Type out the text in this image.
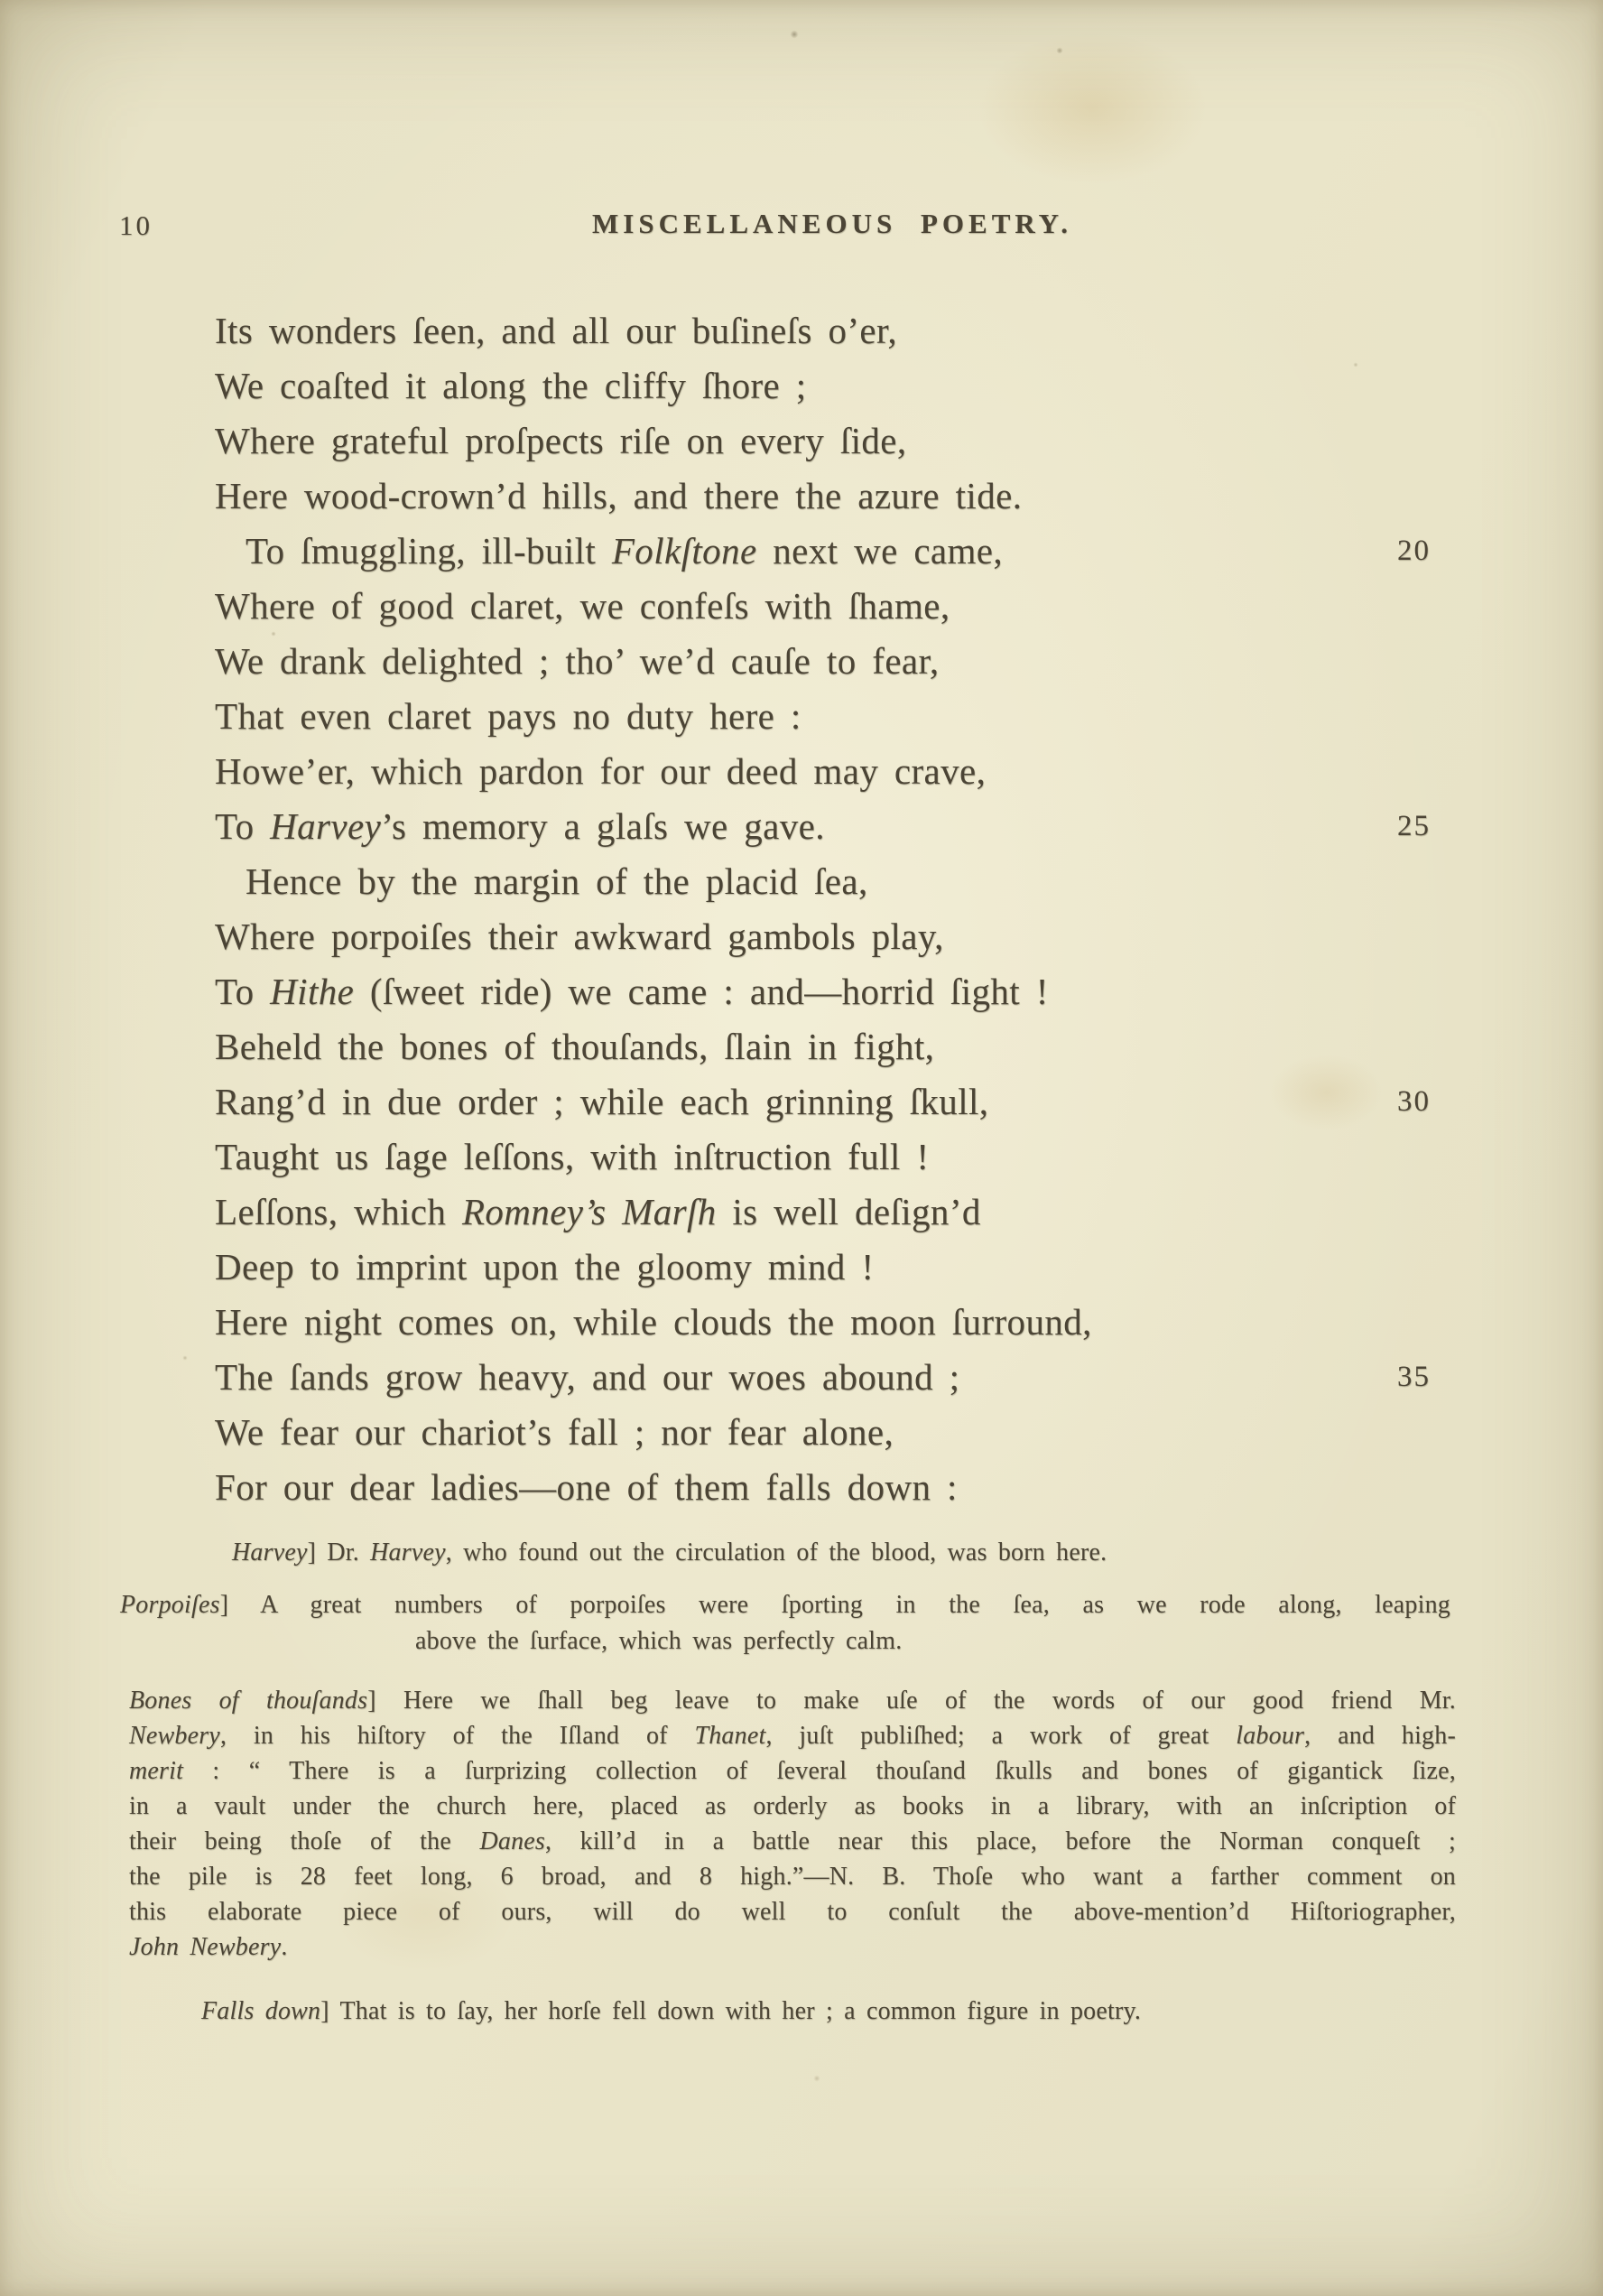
10	MISCELLANEOUS POETRY.
Its wonders ſeen, and all our buſineſs o’er,
We coaſted it along the cliffy ſhore ;
Where grateful proſpects riſe on every ſide,
Here wood-crown’d hills, and there the azure tide.
To ſmuggling, ill-built Folkſtone next we came,
Where of good claret, we confeſs with ſhame,
We drank delighted ; tho’ we’d cauſe to fear,
That even claret pays no duty here :
Howe’er, which pardon for our deed may crave,
To Harvey’s memory a glaſs we gave.
Hence by the margin of the placid ſea,
Where porpoiſes their awkward gambols play,
To Hithe (ſweet ride) we came : and—horrid ſight !
Beheld the bones of thouſands, ſlain in fight,
Rang’d in due order ; while each grinning ſkull,
Taught us ſage leſſons, with inſtruction full !
Leſſons, which Romney’s Marſh is well deſign’d
Deep to imprint upon the gloomy mind !
Here night comes on, while clouds the moon ſurround,
The ſands grow heavy, and our woes abound ;
We fear our chariot’s fall ; nor fear alone,
For our dear ladies—one of them falls down :
20
25
30
35
Harvey] Dr. Harvey, who found out the circulation of the blood, was born here.
Porpoiſes] A great numbers of porpoiſes were ſporting in the ſea, as we rode along, leaping
above the ſurface, which was perfectly calm.
Bones of thouſands] Here we ſhall beg leave to make uſe of the words of our good friend Mr.
Newbery, in his hiſtory of the Iſland of Thanet, juſt publiſhed; a work of great labour, and high-
merit : “ There is a ſurprizing collection of ſeveral thouſand ſkulls and bones of gigantick ſize,
in a vault under the church here, placed as orderly as books in a library, with an inſcription of
their being thoſe of the Danes, kill’d in a battle near this place, before the Norman conqueſt ;
the pile is 28 feet long, 6 broad, and 8 high.”—N. B. Thoſe who want a farther comment on
this elaborate piece of ours, will do well to conſult the above-mention’d Hiſtoriographer,
John Newbery.
Falls down] That is to ſay, her horſe fell down with her ; a common figure in poetry.
